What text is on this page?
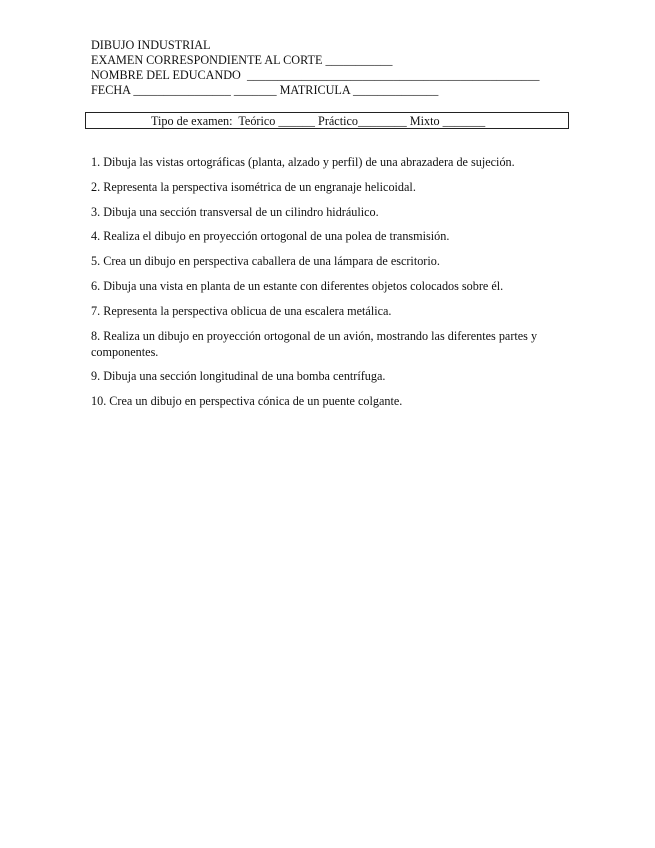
DIBUJO INDUSTRIAL
EXAMEN CORRESPONDIENTE AL CORTE ___________
NOMBRE DEL EDUCANDO  ________________________________________________
FECHA ________________ _______ MATRICULA ______________
Tipo de examen:  Teórico ______ Práctico________ Mixto _______
1. Dibuja las vistas ortográficas (planta, alzado y perfil) de una abrazadera de sujeción.
2. Representa la perspectiva isométrica de un engranaje helicoidal.
3. Dibuja una sección transversal de un cilindro hidráulico.
4. Realiza el dibujo en proyección ortogonal de una polea de transmisión.
5. Crea un dibujo en perspectiva caballera de una lámpara de escritorio.
6. Dibuja una vista en planta de un estante con diferentes objetos colocados sobre él.
7. Representa la perspectiva oblicua de una escalera metálica.
8. Realiza un dibujo en proyección ortogonal de un avión, mostrando las diferentes partes y componentes.
9. Dibuja una sección longitudinal de una bomba centrífuga.
10. Crea un dibujo en perspectiva cónica de un puente colgante.
